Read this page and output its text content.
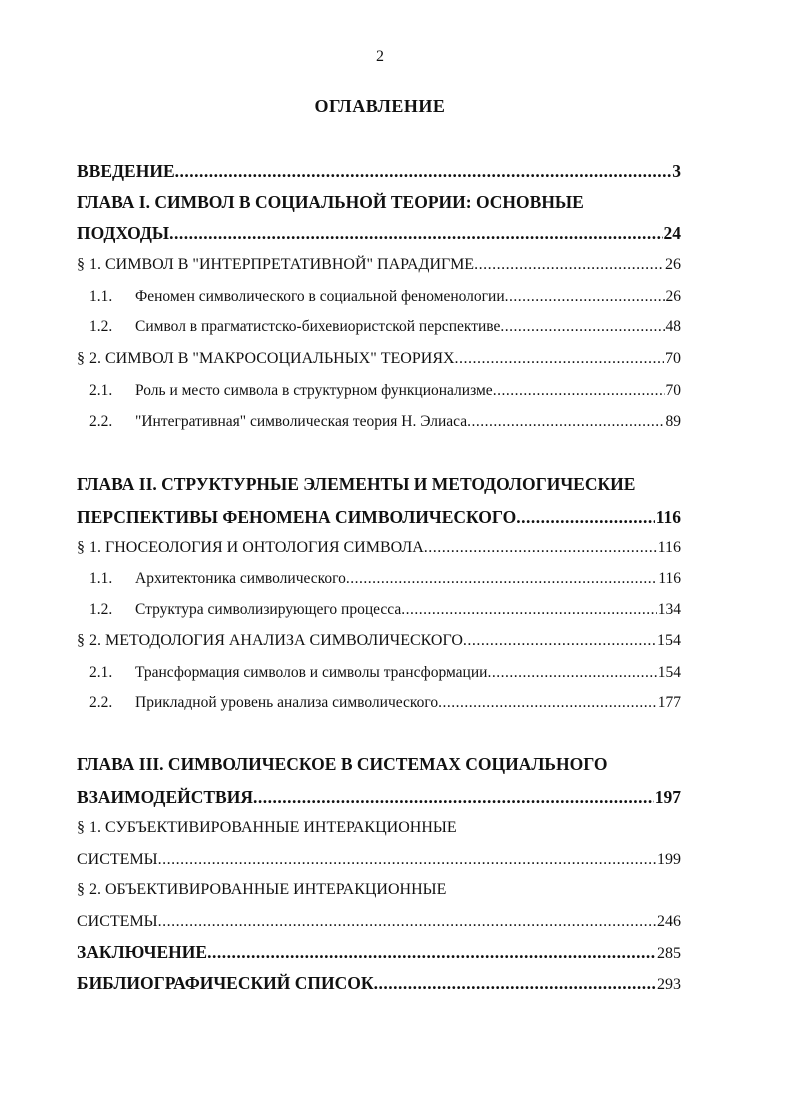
2
ОГЛАВЛЕНИЕ
ВВЕДЕНИЕ .....	3
ГЛАВА I. СИМВОЛ В СОЦИАЛЬНОЙ ТЕОРИИ: ОСНОВНЫЕ
ПОДХОДЫ .....	24
§ 1. СИМВОЛ В "ИНТЕРПРЕТАТИВНОЙ" ПАРАДИГМЕ .....	26
1.1.	Феномен символического в социальной феноменологии .....	26
1.2.	Символ в прагматистско-бихевиористской перспективе .....	48
§ 2. СИМВОЛ В "МАКРОСОЦИАЛЬНЫХ" ТЕОРИЯХ .....	70
2.1.	Роль и место символа в структурном функционализме .....	70
2.2.	"Интегративная" символическая теория Н. Элиаса .....	89
ГЛАВА II. СТРУКТУРНЫЕ ЭЛЕМЕНТЫ И МЕТОДОЛОГИЧЕСКИЕ
ПЕРСПЕКТИВЫ ФЕНОМЕНА СИМВОЛИЧЕСКОГО .....	116
§ 1. ГНОСЕОЛОГИЯ И ОНТОЛОГИЯ СИМВОЛА .....	116
1.1.	Архитектоника символического .....	116
1.2.	Структура символизирующего процесса .....	134
§ 2. МЕТОДОЛОГИЯ АНАЛИЗА СИМВОЛИЧЕСКОГО .....	154
2.1.	Трансформация символов и символы трансформации .....	154
2.2.	Прикладной уровень анализа символического .....	177
ГЛАВА III. СИМВОЛИЧЕСКОЕ В СИСТЕМАХ СОЦИАЛЬНОГО
ВЗАИМОДЕЙСТВИЯ .....	197
§ 1. СУБЪЕКТИВИРОВАННЫЕ ИНТЕРАКЦИОННЫЕ
СИСТЕМЫ .....	199
§ 2. ОБЪЕКТИВИРОВАННЫЕ ИНТЕРАКЦИОННЫЕ
СИСТЕМЫ .....	246
ЗАКЛЮЧЕНИЕ .....	285
БИБЛИОГРАФИЧЕСКИЙ СПИСОК .....	293
